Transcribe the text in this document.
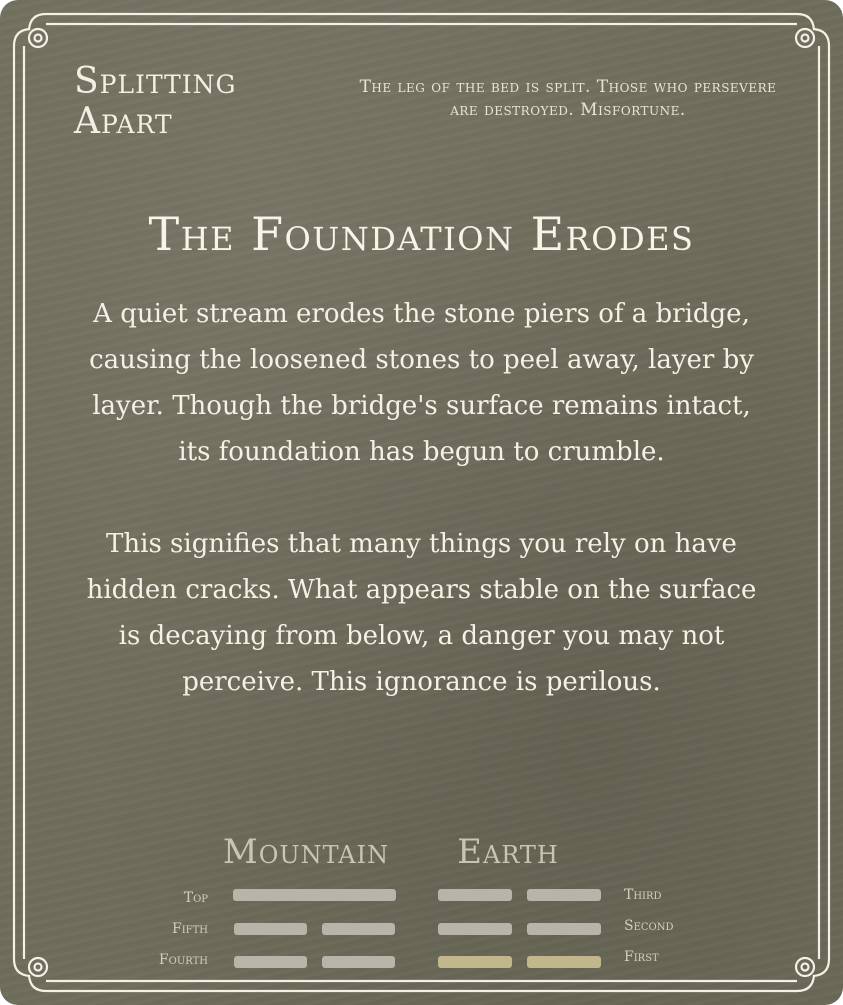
Splitting Apart
The leg of the bed is split. Those who persevere are destroyed. Misfortune.
The Foundation Erodes

A quiet stream erodes the stone piers of a bridge, causing the loosened stones to peel away, layer by layer. Though the bridge's surface remains intact, its foundation has begun to crumble.

This signifies that many things you rely on have hidden cracks. What appears stable on the surface is decaying from below, a danger you may not perceive. This ignorance is perilous.

Mountain	Earth
Top
Fifth
Fourth
Third
Second
First
